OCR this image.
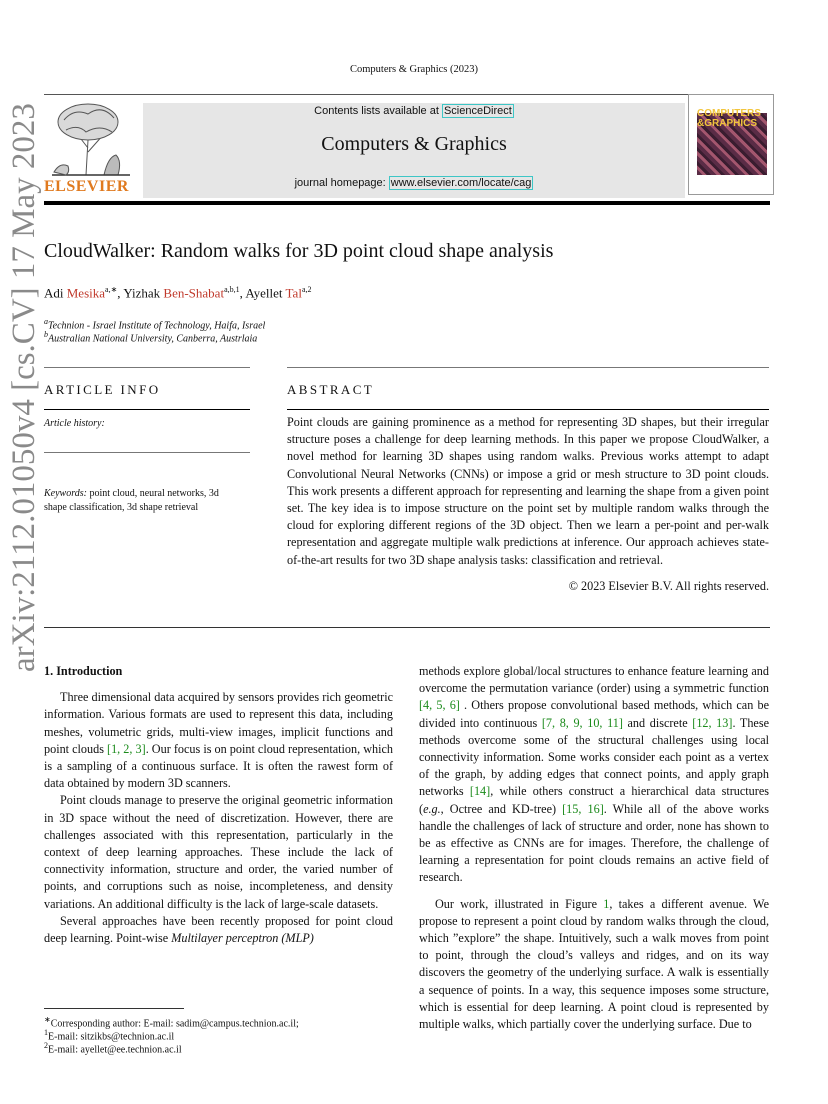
Computers & Graphics (2023)
ELSEVIER
Contents lists available at ScienceDirect
Computers & Graphics
journal homepage: www.elsevier.com/locate/cag
COMPUTERS
&GRAPHICS
CloudWalker: Random walks for 3D point cloud shape analysis
Adi Mesika$^{a,∗}$, Yizhak Ben-Shabat$^{a,b,1}$, Ayellet Tal$^{a,2}$
$^a$Technion - Israel Institute of Technology, Haifa, Israel
$^b$Australian National University, Canberra, Austrlaia
ARTICLE INFO
Article history:
Keywords: point cloud, neural networks, 3d shape classification, 3d shape retrieval
ABSTRACT
Point clouds are gaining prominence as a method for representing 3D shapes, but their irregular structure poses a challenge for deep learning methods. In this paper we propose CloudWalker, a novel method for learning 3D shapes using random walks. Previous works attempt to adapt Convolutional Neural Networks (CNNs) or impose a grid or mesh structure to 3D point clouds. This work presents a different approach for representing and learning the shape from a given point set. The key idea is to impose structure on the point set by multiple random walks through the cloud for exploring different regions of the 3D object. Then we learn a per-point and per-walk representation and aggregate multiple walk predictions at inference. Our approach achieves state-of-the-art results for two 3D shape analysis tasks: classification and retrieval.
© 2023 Elsevier B.V. All rights reserved.
1. Introduction

Three dimensional data acquired by sensors provides rich geometric information. Various formats are used to represent this data, including meshes, volumetric grids, multi-view images, implicit functions and point clouds [1, 2, 3]. Our focus is on point cloud representation, which is a sampling of a continuous surface. It is often the rawest form of data obtained by modern 3D scanners.

Point clouds manage to preserve the original geometric information in 3D space without the need of discretization. However, there are challenges associated with this representation, particularly in the context of deep learning approaches. These include the lack of connectivity information, structure and order, the varied number of points, and corruptions such as noise, incompleteness, and density variations. An additional difficulty is the lack of large-scale datasets.

Several approaches have been recently proposed for point cloud deep learning. Point-wise Multilayer perceptron (MLP)

∗Corresponding author: E-mail: sadim@campus.technion.ac.il;
$^1$E-mail: sitzikbs@technion.ac.il
$^2$E-mail: ayellet@ee.technion.ac.il

methods explore global/local structures to enhance feature learning and overcome the permutation variance (order) using a symmetric function [4, 5, 6] . Others propose convolutional based methods, which can be divided into continuous [7, 8, 9, 10, 11] and discrete [12, 13]. These methods overcome some of the structural challenges using local connectivity information. Some works consider each point as a vertex of the graph, by adding edges that connect points, and apply graph networks [14], while others construct a hierarchical data structures (e.g., Octree and KD-tree) [15, 16]. While all of the above works handle the challenges of lack of structure and order, none has shown to be as effective as CNNs are for images. Therefore, the challenge of learning a representation for point clouds remains an active field of research.

Our work, illustrated in Figure 1, takes a different avenue. We propose to represent a point cloud by random walks through the cloud, which ”explore” the shape. Intuitively, such a walk moves from point to point, through the cloud’s valleys and ridges, and on its way discovers the geometry of the underlying surface. A walk is essentially a sequence of points. In a way, this sequence imposes some structure, which is essential for deep learning. A point cloud is represented by multiple walks, which partially cover the underlying surface. Due to

arXiv:2112.01050v4 [cs.CV] 17 May 2023
